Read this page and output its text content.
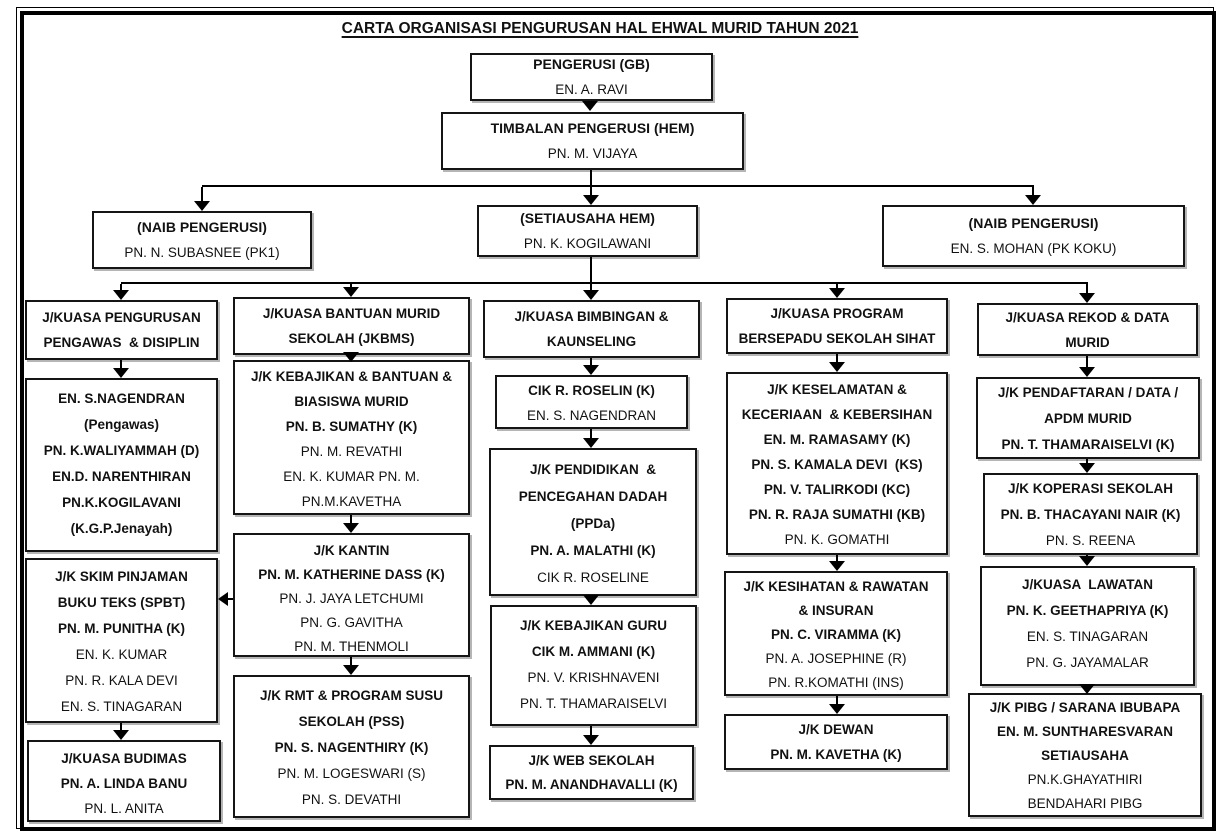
CARTA ORGANISASI PENGURUSAN HAL EHWAL MURID TAHUN 2021
PENGERUSI (GB)
EN. A. RAVI
TIMBALAN PENGERUSI (HEM)
PN. M. VIJAYA
(NAIB PENGERUSI)
PN. N. SUBASNEE (PK1)
(SETIAUSAHA HEM)
PN. K. KOGILAWANI
(NAIB PENGERUSI)
EN. S. MOHAN (PK KOKU)
J/KUASA PENGURUSAN
PENGAWAS  & DISIPLIN
EN. S.NAGENDRAN
(Pengawas)
PN. K.WALIYAMMAH (D)
EN.D. NARENTHIRAN
PN.K.KOGILAVANI
(K.G.P.Jenayah)
J/K SKIM PINJAMAN
BUKU TEKS (SPBT)
PN. M. PUNITHA (K)
EN. K. KUMAR
PN. R. KALA DEVI
EN. S. TINAGARAN
J/KUASA BUDIMAS
PN. A. LINDA BANU
PN. L. ANITA
J/KUASA BANTUAN MURID
SEKOLAH (JKBMS)
J/K KEBAJIKAN & BANTUAN &
BIASISWA MURID
PN. B. SUMATHY (K)
PN. M. REVATHI
EN. K. KUMAR PN. M.
PN.M.KAVETHA
J/K KANTIN
PN. M. KATHERINE DASS (K)
PN. J. JAYA LETCHUMI
PN. G. GAVITHA
PN. M. THENMOLI
J/K RMT & PROGRAM SUSU
SEKOLAH (PSS)
PN. S. NAGENTHIRY (K)
PN. M. LOGESWARI (S)
PN. S. DEVATHI
J/KUASA BIMBINGAN &
KAUNSELING
CIK R. ROSELIN (K)
EN. S. NAGENDRAN
J/K PENDIDIKAN  &
PENCEGAHAN DADAH
(PPDa)
PN. A. MALATHI (K)
CIK R. ROSELINE
J/K KEBAJIKAN GURU
CIK M. AMMANI (K)
PN. V. KRISHNAVENI
PN. T. THAMARAISELVI
J/K WEB SEKOLAH
PN. M. ANANDHAVALLI (K)
J/KUASA PROGRAM
BERSEPADU SEKOLAH SIHAT
J/K KESELAMATAN &
KECERIAAN  & KEBERSIHAN
EN. M. RAMASAMY (K)
PN. S. KAMALA DEVI  (KS)
PN. V. TALIRKODI (KC)
PN. R. RAJA SUMATHI (KB)
PN. K. GOMATHI
J/K KESIHATAN & RAWATAN
& INSURAN
PN. C. VIRAMMA (K)
PN. A. JOSEPHINE (R)
PN. R.KOMATHI (INS)
J/K DEWAN
PN. M. KAVETHA (K)
J/KUASA REKOD & DATA
MURID
J/K PENDAFTARAN / DATA /
APDM MURID
PN. T. THAMARAISELVI (K)
J/K KOPERASI SEKOLAH
PN. B. THACAYANI NAIR (K)
PN. S. REENA
J/KUASA  LAWATAN
PN. K. GEETHAPRIYA (K)
EN. S. TINAGARAN
PN. G. JAYAMALAR
J/K PIBG / SARANA IBUBAPA
EN. M. SUNTHARESVARAN
SETIAUSAHA
PN.K.GHAYATHIRI
BENDAHARI PIBG
